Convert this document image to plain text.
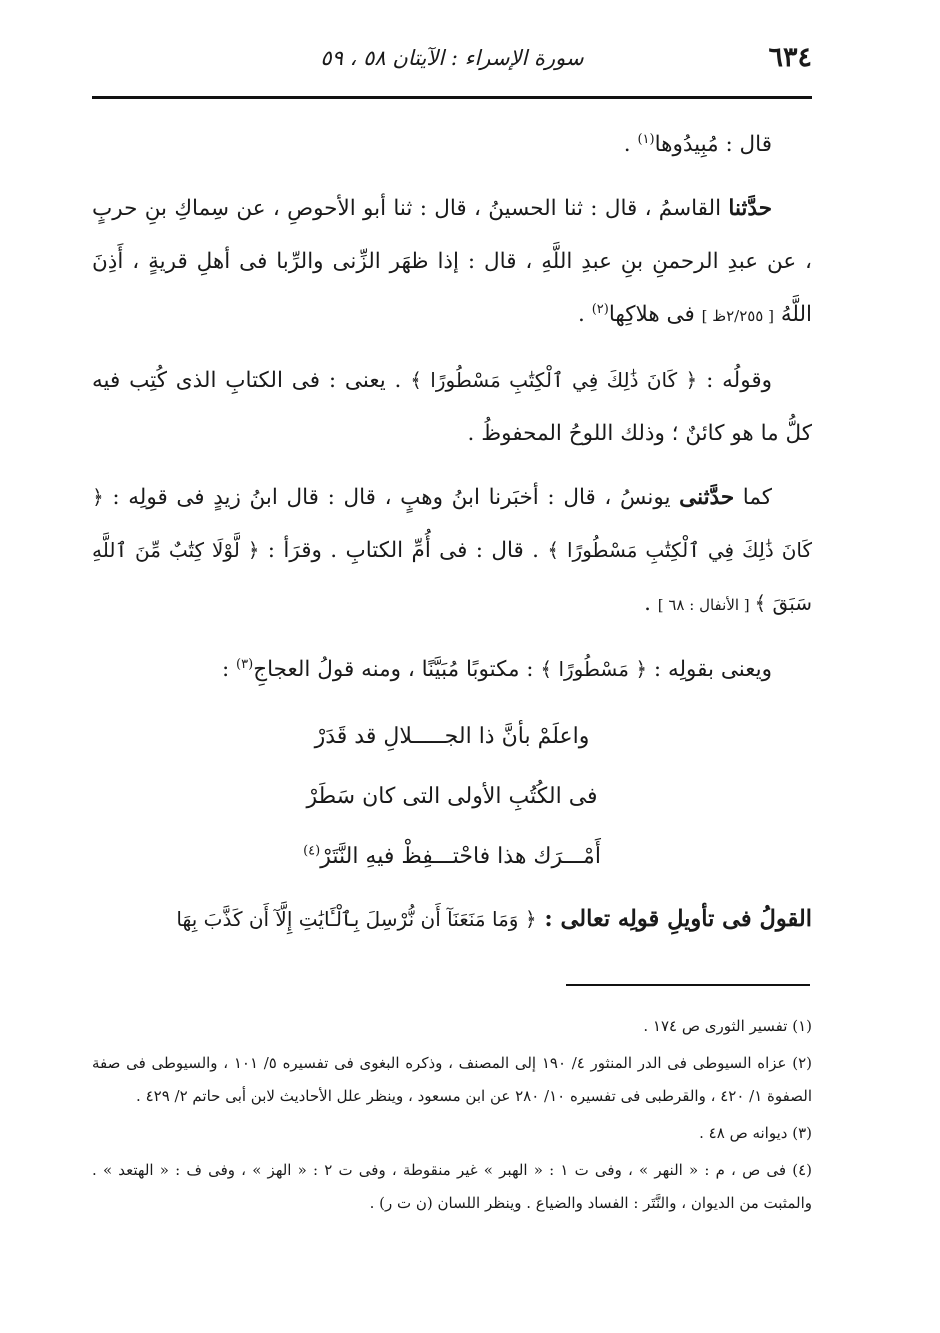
٦٣٤
سورة الإسراء : الآيتان ٥٨ ، ٥٩

قال : مُبِيدُوها$^{(١)}$ .

حدَّثنا القاسمُ ، قال : ثنا الحسينُ ، قال : ثنا أبو الأحوصِ ، عن سِماكِ بنِ حربٍ ، عن عبدِ الرحمنِ بنِ عبدِ اللَّهِ ، قال : إذا ظهَر الزِّنى والرِّبا فى أهلِ قريةٍ ، أَذِنَ اللَّهُ [ ٢/٢٥٥ظ ] فى هلاكِها$^{(٢)}$ .

وقولُه : ﴿ كَانَ ذَٰلِكَ فِي ٱلْكِتَٰبِ مَسْطُورًا ﴾ . يعنى : فى الكتابِ الذى كُتِب فيه كلُّ ما هو كائنٌ ؛ وذلك اللوحُ المحفوظُ .

كما حدَّثنى يونسُ ، قال : أخبَرنا ابنُ وهبٍ ، قال : قال ابنُ زيدٍ فى قولِه : ﴿ كَانَ ذَٰلِكَ فِي ٱلْكِتَٰبِ مَسْطُورًا ﴾ . قال : فى أُمِّ الكتابِ . وقرَأ : ﴿ لَّوْلَا كِتَٰبٌ مِّنَ ٱللَّهِ سَبَقَ ﴾ [ الأنفال : ٦٨ ] .

ويعنى بقولِه : ﴿ مَسْطُورًا ﴾ : مكتوبًا مُبَيَّنًا ، ومنه قولُ العجاجِ$^{(٣)}$ :

واعلَمْ بأنَّ ذا الجـــــلالِ قد قَدَرْ

فى الكُتُبِ الأولى التى كان سَطَرْ

أَمْـــرَك هذا فاحْتـــفِظْ فيهِ النَّتَرْ$^{(٤)}$

القولُ فى تأويلِ قولِه تعالى : ﴿ وَمَا مَنَعَنَآ أَن نُّرْسِلَ بِٱلْـَٔايَٰتِ إِلَّآ أَن كَذَّبَ بِهَا

(١) تفسير الثورى ص ١٧٤ .

(٢) عزاه السيوطى فى الدر المنثور ٤/ ١٩٠ إلى المصنف ، وذكره البغوى فى تفسيره ٥/ ١٠١ ، والسيوطى فى صفة الصفوة ١/ ٤٢٠ ، والقرطبى فى تفسيره ١٠/ ٢٨٠ عن ابن مسعود ، وينظر علل الأحاديث لابن أبى حاتم ٢/ ٤٢٩ .

(٣) ديوانه ص ٤٨ .

(٤) فى ص ، م : « النهر » ، وفى ت ١ : « الهبر » غير منقوطة ، وفى ت ٢ : « الهز » ، وفى ف : « الهتعد » . والمثبت من الديوان ، والنَّتَر : الفساد والضياع . وينظر اللسان (ن ت ر) .
